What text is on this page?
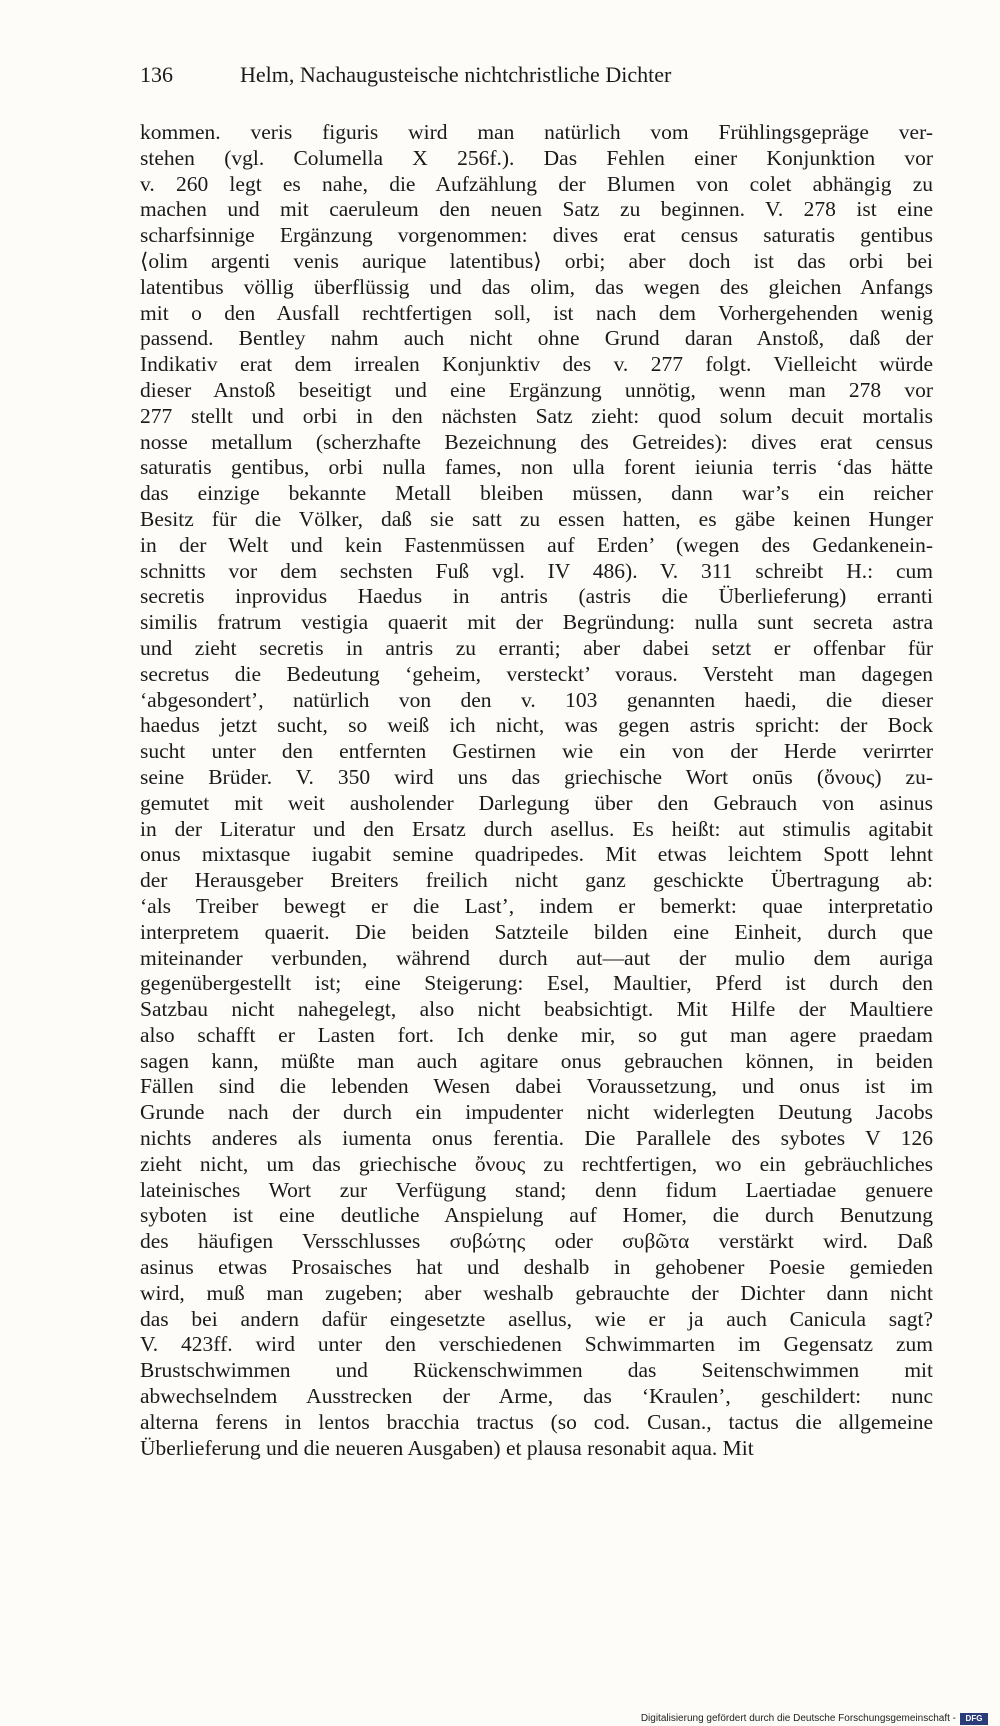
136	Helm, Nachaugusteische nichtchristliche Dichter
kommen. veris figuris wird man natürlich vom Frühlingsgepräge ver-
stehen (vgl. Columella X 256f.). Das Fehlen einer Konjunktion vor
v. 260 legt es nahe, die Aufzählung der Blumen von colet abhängig zu
machen und mit caeruleum den neuen Satz zu beginnen. V. 278 ist eine
scharfsinnige Ergänzung vorgenommen: dives erat census saturatis gentibus
⟨olim argenti venis aurique latentibus⟩ orbi; aber doch ist das orbi bei
latentibus völlig überflüssig und das olim, das wegen des gleichen Anfangs
mit o den Ausfall rechtfertigen soll, ist nach dem Vorhergehenden wenig
passend. Bentley nahm auch nicht ohne Grund daran Anstoß, daß der
Indikativ erat dem irrealen Konjunktiv des v. 277 folgt. Vielleicht würde
dieser Anstoß beseitigt und eine Ergänzung unnötig, wenn man 278 vor
277 stellt und orbi in den nächsten Satz zieht: quod solum decuit mortalis
nosse metallum (scherzhafte Bezeichnung des Getreides): dives erat census
saturatis gentibus, orbi nulla fames, non ulla forent ieiunia terris ‘das hätte
das einzige bekannte Metall bleiben müssen, dann war’s ein reicher
Besitz für die Völker, daß sie satt zu essen hatten, es gäbe keinen Hunger
in der Welt und kein Fastenmüssen auf Erden’ (wegen des Gedankenein-
schnitts vor dem sechsten Fuß vgl. IV 486). V. 311 schreibt H.: cum
secretis inprovidus Haedus in antris (astris die Überlieferung) erranti
similis fratrum vestigia quaerit mit der Begründung: nulla sunt secreta astra
und zieht secretis in antris zu erranti; aber dabei setzt er offenbar für
secretus die Bedeutung ‘geheim, versteckt’ voraus. Versteht man dagegen
‘abgesondert’, natürlich von den v. 103 genannten haedi, die dieser
haedus jetzt sucht, so weiß ich nicht, was gegen astris spricht: der Bock
sucht unter den entfernten Gestirnen wie ein von der Herde verirrter
seine Brüder. V. 350 wird uns das griechische Wort onūs (ὄνους) zu-
gemutet mit weit ausholender Darlegung über den Gebrauch von asinus
in der Literatur und den Ersatz durch asellus. Es heißt: aut stimulis agitabit
onus mixtasque iugabit semine quadripedes. Mit etwas leichtem Spott lehnt
der Herausgeber Breiters freilich nicht ganz geschickte Übertragung ab:
‘als Treiber bewegt er die Last’, indem er bemerkt: quae interpretatio
interpretem quaerit. Die beiden Satzteile bilden eine Einheit, durch que
miteinander verbunden, während durch aut—aut der mulio dem auriga
gegenübergestellt ist; eine Steigerung: Esel, Maultier, Pferd ist durch den
Satzbau nicht nahegelegt, also nicht beabsichtigt. Mit Hilfe der Maultiere
also schafft er Lasten fort. Ich denke mir, so gut man agere praedam
sagen kann, müßte man auch agitare onus gebrauchen können, in beiden
Fällen sind die lebenden Wesen dabei Voraussetzung, und onus ist im
Grunde nach der durch ein impudenter nicht widerlegten Deutung Jacobs
nichts anderes als iumenta onus ferentia. Die Parallele des sybotes V 126
zieht nicht, um das griechische ὄνους zu rechtfertigen, wo ein gebräuchliches
lateinisches Wort zur Verfügung stand; denn fidum Laertiadae genuere
syboten ist eine deutliche Anspielung auf Homer, die durch Benutzung
des häufigen Versschlusses συβώτης oder συβῶτα verstärkt wird. Daß
asinus etwas Prosaisches hat und deshalb in gehobener Poesie gemieden
wird, muß man zugeben; aber weshalb gebrauchte der Dichter dann nicht
das bei andern dafür eingesetzte asellus, wie er ja auch Canicula sagt?
V. 423ff. wird unter den verschiedenen Schwimmarten im Gegensatz zum
Brustschwimmen und Rückenschwimmen das Seitenschwimmen mit
abwechselndem Ausstrecken der Arme, das ‘Kraulen’, geschildert: nunc
alterna ferens in lentos bracchia tractus (so cod. Cusan., tactus die allgemeine
Überlieferung und die neueren Ausgaben) et plausa resonabit aqua. Mit
Digitalisierung gefördert durch die Deutsche Forschungsgemeinschaft -	DFG
